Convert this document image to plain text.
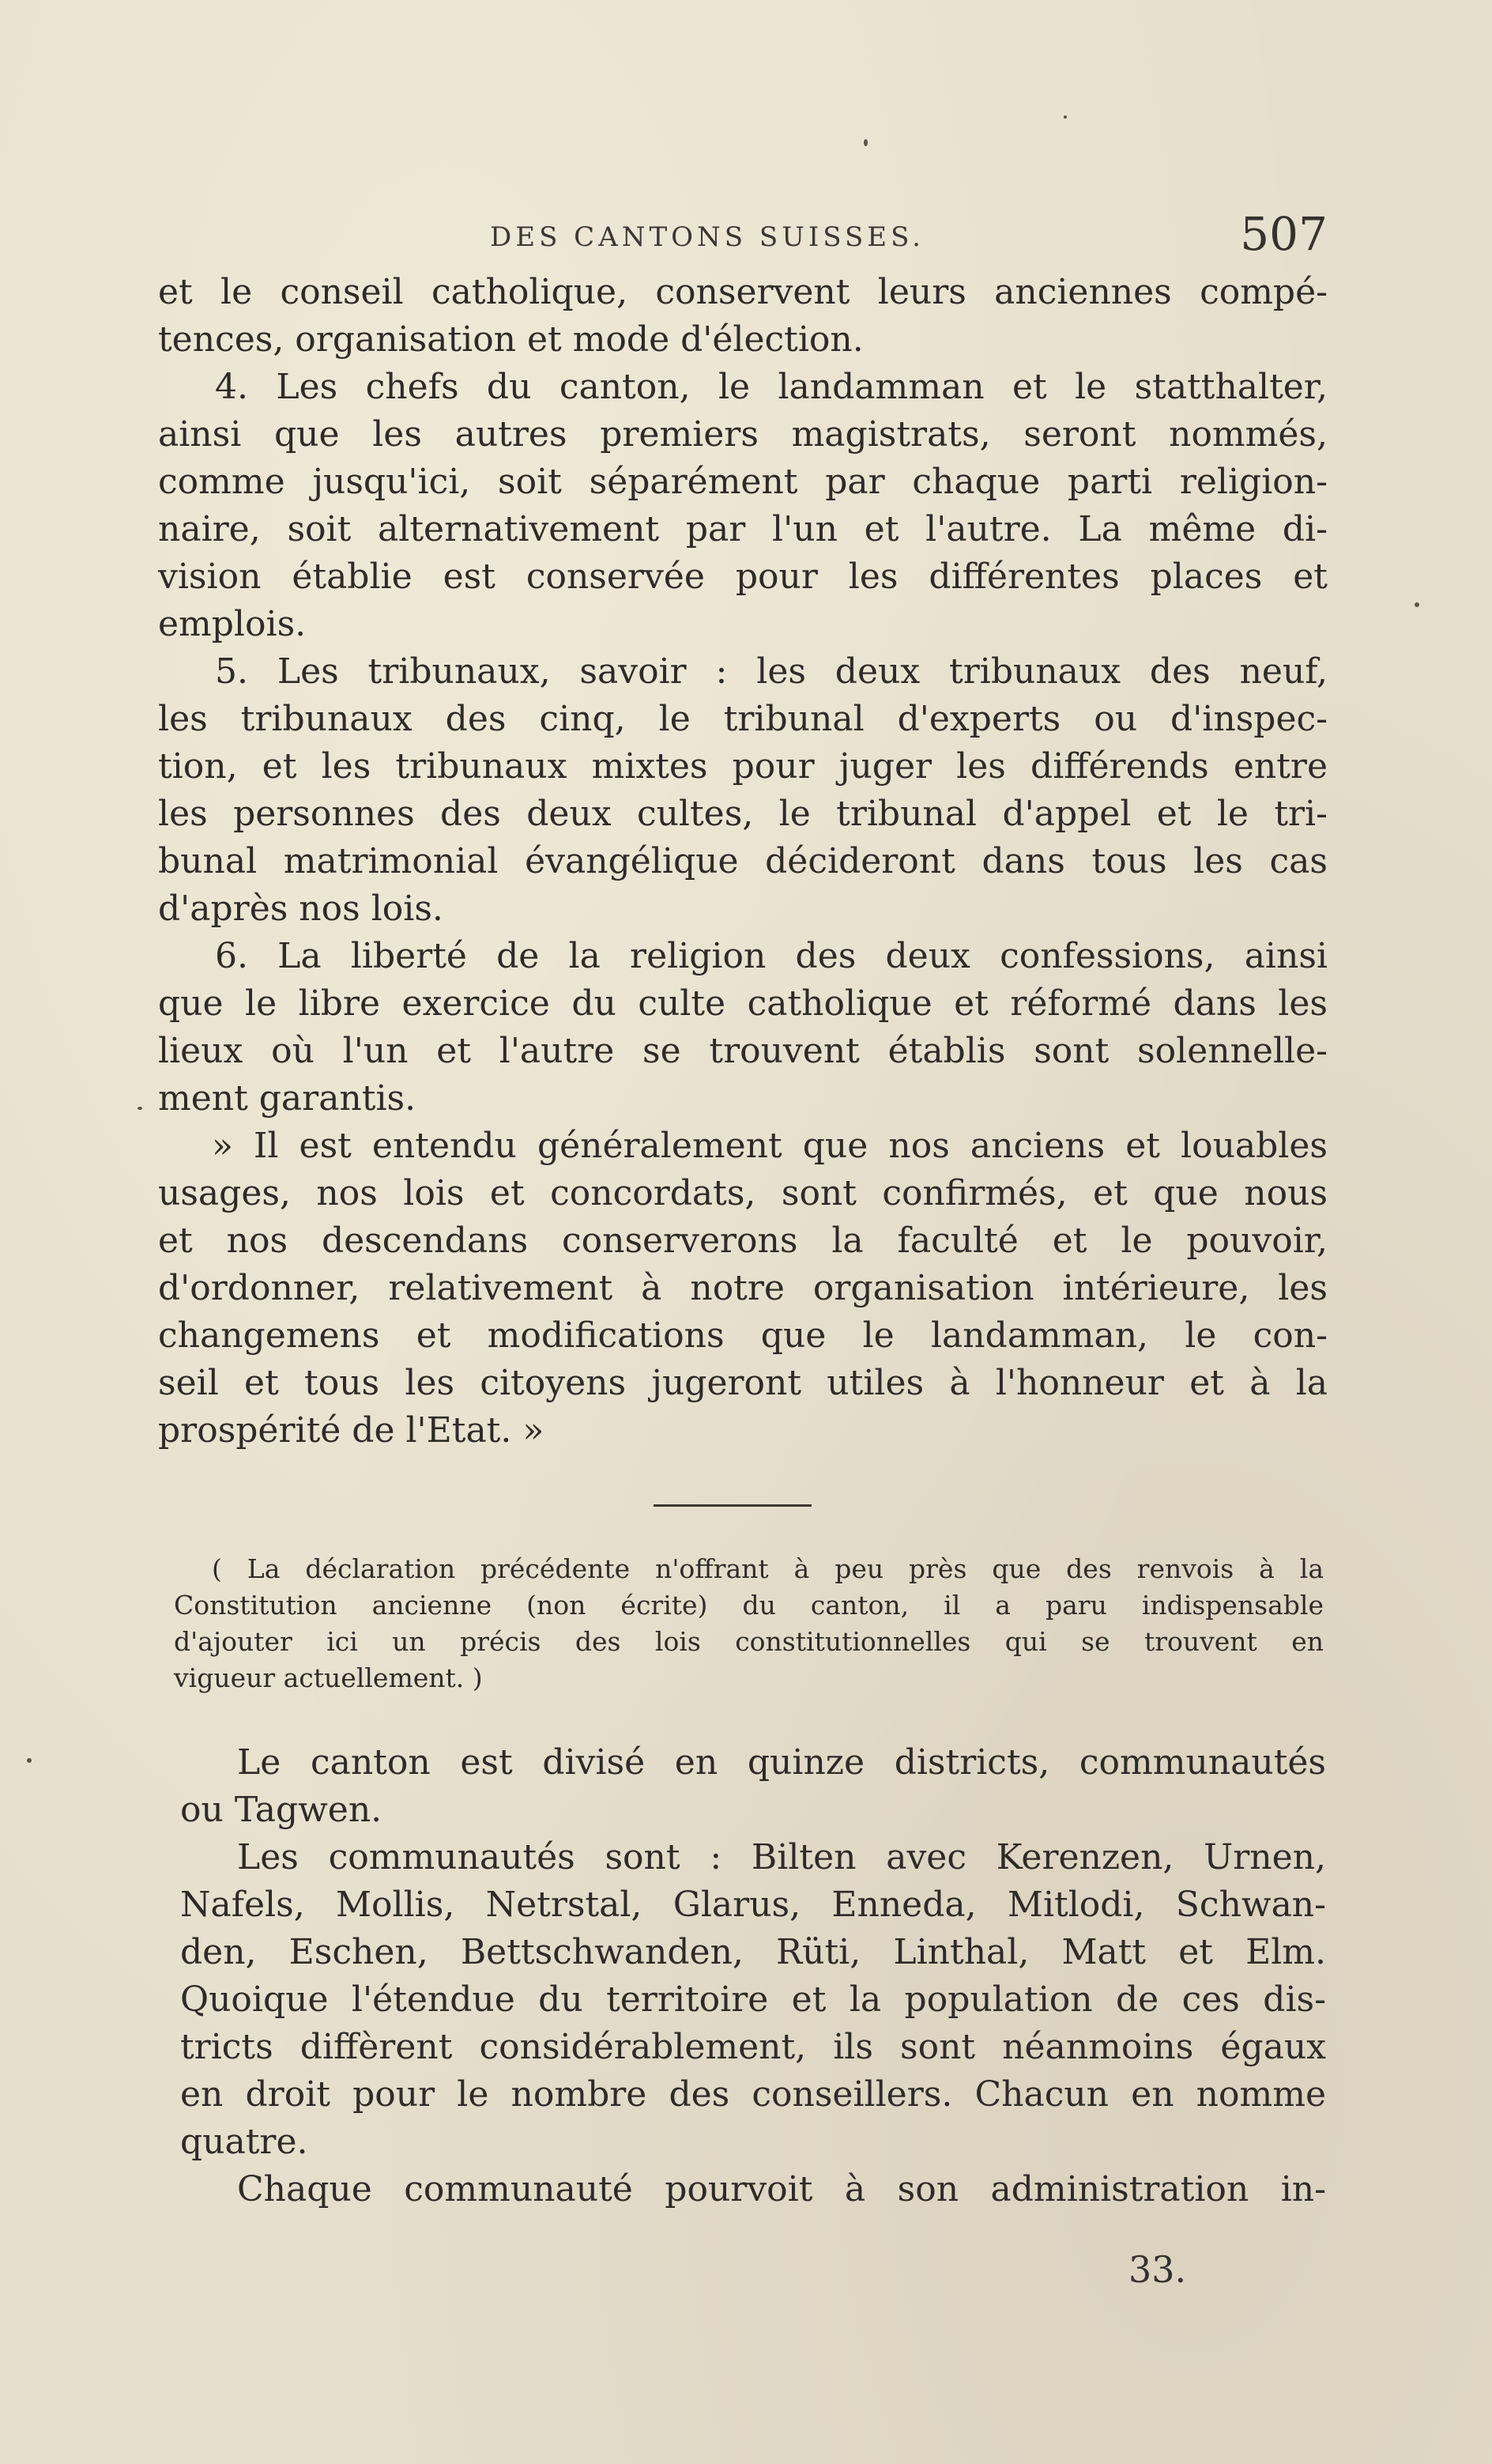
DES CANTONS SUISSES.	507
et le conseil catholique, conservent leurs anciennes compé-
tences, organisation et mode d'élection.
4. Les chefs du canton, le landamman et le statthalter,
ainsi que les autres premiers magistrats, seront nommés,
comme jusqu'ici, soit séparément par chaque parti religion-
naire, soit alternativement par l'un et l'autre. La même di-
vision établie est conservée pour les différentes places et
emplois.
5. Les tribunaux, savoir : les deux tribunaux des neuf,
les tribunaux des cinq, le tribunal d'experts ou d'inspec-
tion, et les tribunaux mixtes pour juger les différends entre
les personnes des deux cultes, le tribunal d'appel et le tri-
bunal matrimonial évangélique décideront dans tous les cas
d'après nos lois.
6. La liberté de la religion des deux confessions, ainsi
que le libre exercice du culte catholique et réformé dans les
lieux où l'un et l'autre se trouvent établis sont solennelle-
ment garantis.
» Il est entendu généralement que nos anciens et louables
usages, nos lois et concordats, sont confirmés, et que nous
et nos descendans conserverons la faculté et le pouvoir,
d'ordonner, relativement à notre organisation intérieure, les
changemens et modifications que le landamman, le con-
seil et tous les citoyens jugeront utiles à l'honneur et à la
prospérité de l'Etat. »
( La déclaration précédente n'offrant à peu près que des renvois à la
Constitution ancienne (non écrite) du canton, il a paru indispensable
d'ajouter ici un précis des lois constitutionnelles qui se trouvent en
vigueur actuellement. )
Le canton est divisé en quinze districts, communautés
ou Tagwen.
Les communautés sont : Bilten avec Kerenzen, Urnen,
Nafels, Mollis, Netrstal, Glarus, Enneda, Mitlodi, Schwan-
den, Eschen, Bettschwanden, Rüti, Linthal, Matt et Elm.
Quoique l'étendue du territoire et la population de ces dis-
tricts diffèrent considérablement, ils sont néanmoins égaux
en droit pour le nombre des conseillers. Chacun en nomme
quatre.
Chaque communauté pourvoit à son administration in-
33.
